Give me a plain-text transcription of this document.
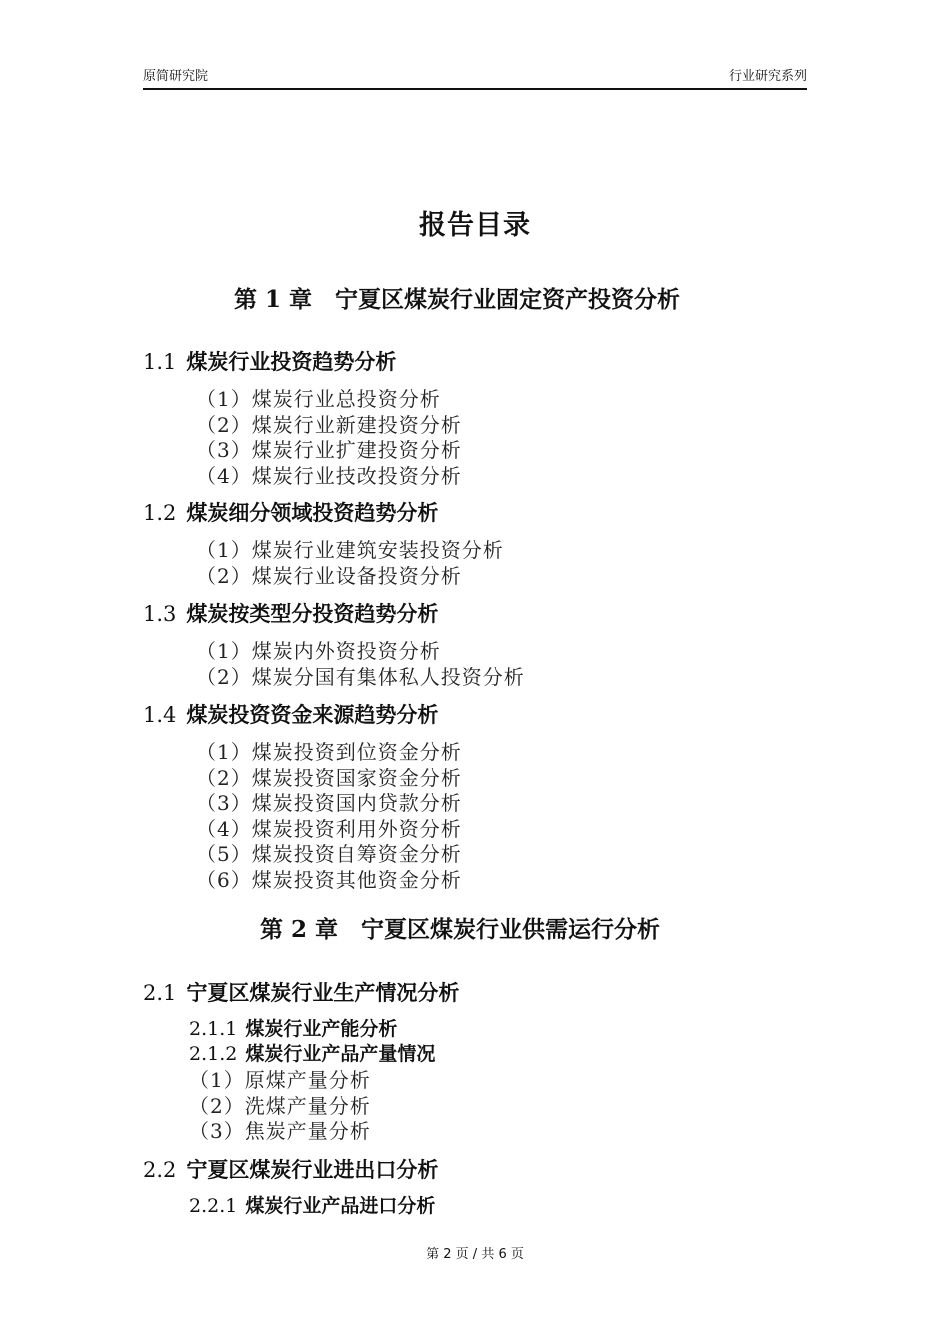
原简研究院	行业研究系列
报告目录
第 1 章　宁夏区煤炭行业固定资产投资分析
1.1 煤炭行业投资趋势分析
（1）煤炭行业总投资分析
（2）煤炭行业新建投资分析
（3）煤炭行业扩建投资分析
（4）煤炭行业技改投资分析
1.2 煤炭细分领域投资趋势分析
（1）煤炭行业建筑安装投资分析
（2）煤炭行业设备投资分析
1.3 煤炭按类型分投资趋势分析
（1）煤炭内外资投资分析
（2）煤炭分国有集体私人投资分析
1.4 煤炭投资资金来源趋势分析
（1）煤炭投资到位资金分析
（2）煤炭投资国家资金分析
（3）煤炭投资国内贷款分析
（4）煤炭投资利用外资分析
（5）煤炭投资自筹资金分析
（6）煤炭投资其他资金分析
第 2 章　宁夏区煤炭行业供需运行分析
2.1 宁夏区煤炭行业生产情况分析
2.1.1 煤炭行业产能分析
2.1.2 煤炭行业产品产量情况
（1）原煤产量分析
（2）洗煤产量分析
（3）焦炭产量分析
2.2 宁夏区煤炭行业进出口分析
2.2.1 煤炭行业产品进口分析
第 2 页 / 共 6 页
